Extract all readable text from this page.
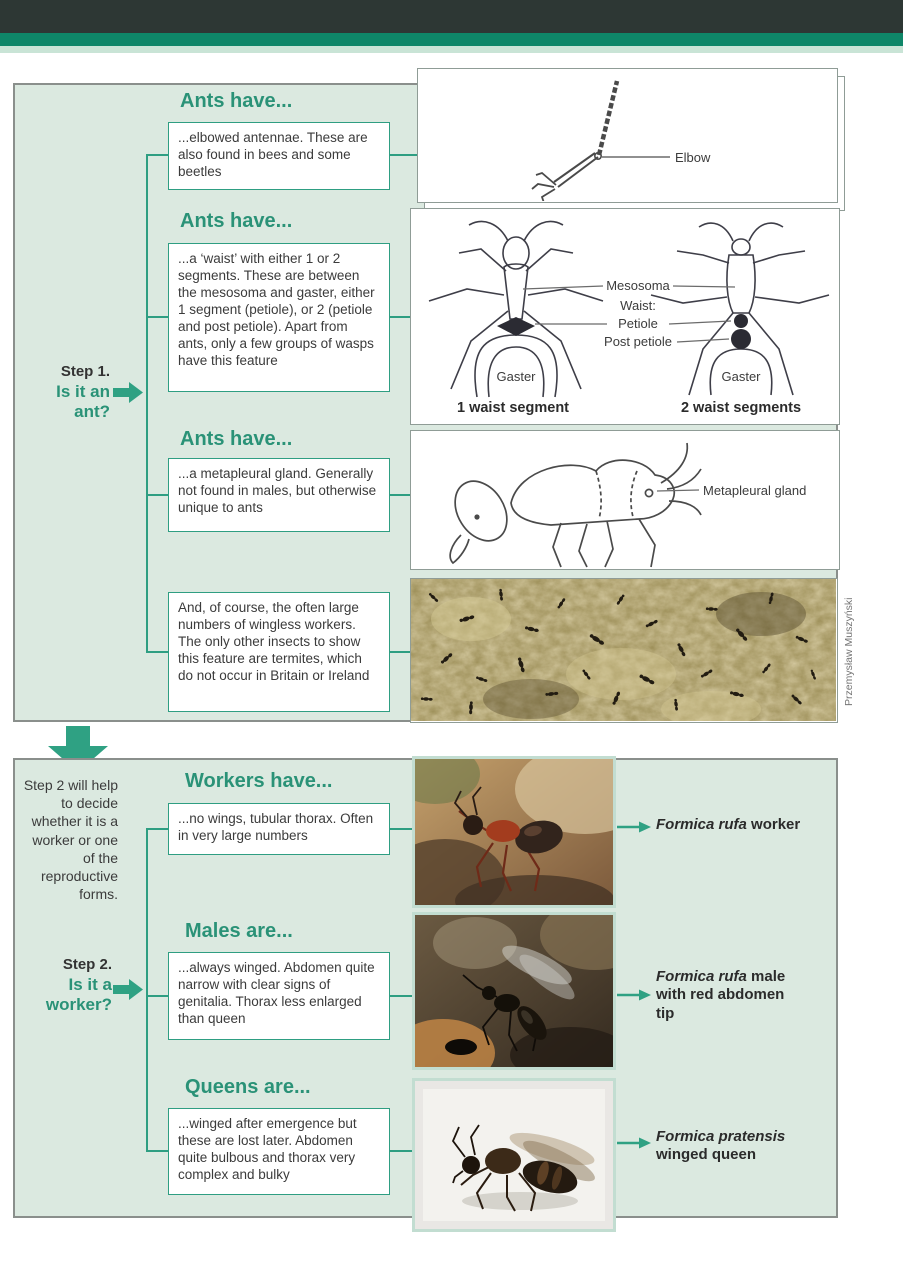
Step 1.
Is it an ant?
Ants have...
Ants have...
Ants have...
...elbowed antennae. These are also found in bees and some beetles
...a ‘waist’ with either 1 or 2 segments. These are between the mesosoma and gaster, either 1 segment (petiole), or 2 (petiole and post petiole). Apart from ants, only a few groups of wasps have this feature
...a metapleural gland. Generally not found in males, but otherwise unique to ants
And, of course, the often large numbers of wingless workers. The only other insects to show this feature are termites, which do not occur in Britain or Ireland
Elbow
Mesosoma
Waist:
Petiole
Post petiole
Gaster	Gaster
1 waist segment	2 waist segments
Metapleural gland
Przemysław Muszyński
Step 2 will help to decide whether it is a worker or one of the reproductive forms.
Step 2.
Is it a worker?
Workers have...
Males are...
Queens are...
...no wings, tubular thorax. Often in very large numbers
...always winged. Abdomen quite narrow with clear signs of genitalia. Thorax less enlarged than queen
...winged after emergence but these are lost later. Abdomen quite bulbous and thorax very complex and bulky
Formica rufa worker
Formica rufa male with red abdomen tip
Formica pratensis winged queen
